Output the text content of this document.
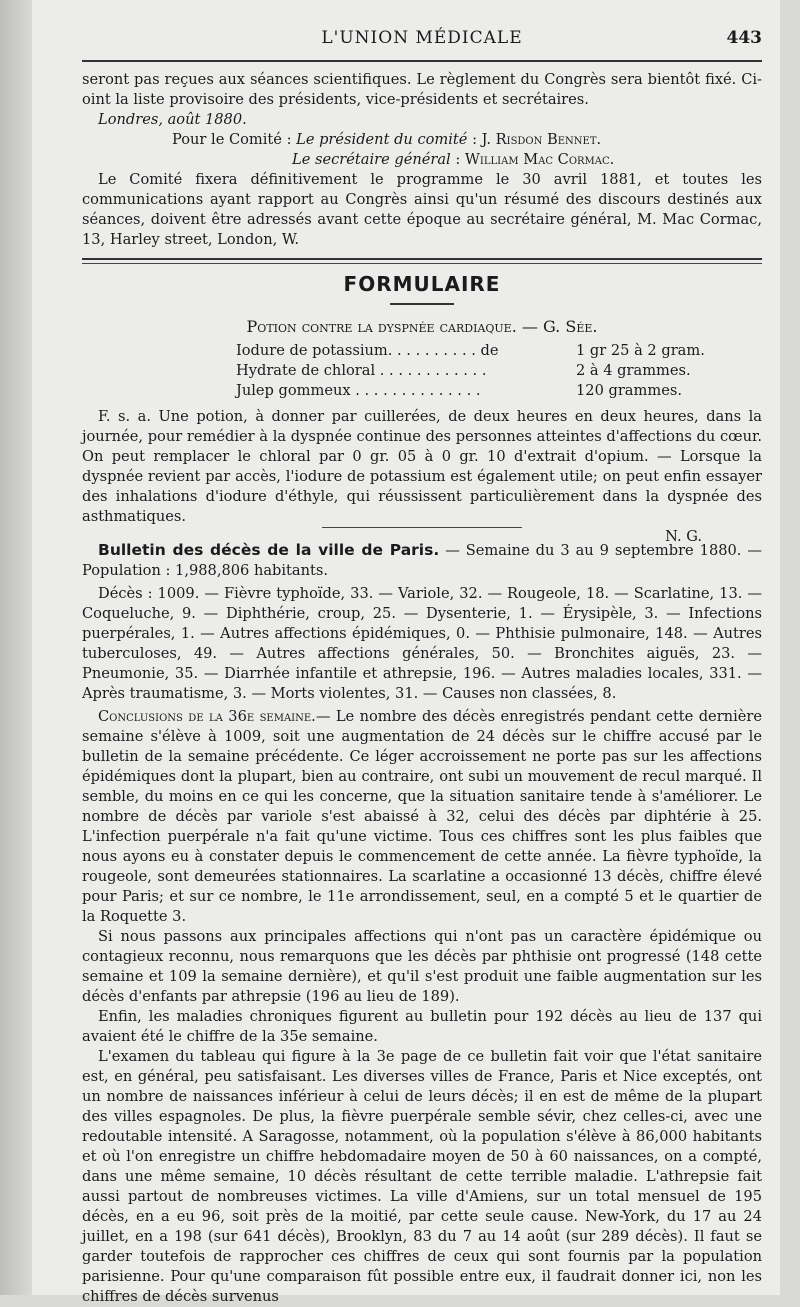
L'UNION MÉDICALE	443

seront pas reçues aux séances scientifiques. Le règlement du Congrès sera bientôt fixé. Ci-oint la liste provisoire des présidents, vice-présidents et secrétaires.

Londres, août 1880.

Pour le Comité : Le président du comité : J. Risdon Bennet.

Le secrétaire général : William Mac Cormac.

Le Comité fixera définitivement le programme le 30 avril 1881, et toutes les communications ayant rapport au Congrès ainsi qu'un résumé des discours destinés aux séances, doivent être adressés avant cette époque au secrétaire général, M. Mac Cormac, 13, Harley street, London, W.

FORMULAIRE

Potion contre la dyspnée cardiaque. — G. Sée.

Iodure de potassium. . . . . . . . . . de	1 gr 25 à 2 gram.
Hydrate de chloral . . . . . . . . . . . .	2 à 4 grammes.
Julep gommeux . . . . . . . . . . . . . .	120 grammes.

F. s. a. Une potion, à donner par cuillerées, de deux heures en deux heures, dans la journée, pour remédier à la dyspnée continue des personnes atteintes d'affections du cœur. On peut remplacer le chloral par 0 gr. 05 à 0 gr. 10 d'extrait d'opium. — Lorsque la dyspnée revient par accès, l'iodure de potassium est également utile; on peut enfin essayer des inhalations d'iodure d'éthyle, qui réussissent particulièrement dans la dyspnée des asthmatiques.

N. G.

Bulletin des décès de la ville de Paris. — Semaine du 3 au 9 septembre 1880. — Population : 1,988,806 habitants.

Décès : 1009. — Fièvre typhoïde, 33. — Variole, 32. — Rougeole, 18. — Scarlatine, 13. — Coqueluche, 9. — Diphthérie, croup, 25. — Dysenterie, 1. — Érysipèle, 3. — Infections puerpérales, 1. — Autres affections épidémiques, 0. — Phthisie pulmonaire, 148. — Autres tuberculoses, 49. — Autres affections générales, 50. — Bronchites aiguës, 23. — Pneumonie, 35. — Diarrhée infantile et athrepsie, 196. — Autres maladies locales, 331. — Après traumatisme, 3. — Morts violentes, 31. — Causes non classées, 8.

Conclusions de la 36e semaine.— Le nombre des décès enregistrés pendant cette dernière semaine s'élève à 1009, soit une augmentation de 24 décès sur le chiffre accusé par le bulletin de la semaine précédente. Ce léger accroissement ne porte pas sur les affections épidémiques dont la plupart, bien au contraire, ont subi un mouvement de recul marqué. Il semble, du moins en ce qui les concerne, que la situation sanitaire tende à s'améliorer. Le nombre de décès par variole s'est abaissé à 32, celui des décès par diphtérie à 25. L'infection puerpérale n'a fait qu'une victime. Tous ces chiffres sont les plus faibles que nous ayons eu à constater depuis le commencement de cette année. La fièvre typhoïde, la rougeole, sont demeurées stationnaires. La scarlatine a occasionné 13 décès, chiffre élevé pour Paris; et sur ce nombre, le 11e arrondissement, seul, en a compté 5 et le quartier de la Roquette 3.

Si nous passons aux principales affections qui n'ont pas un caractère épidémique ou contagieux reconnu, nous remarquons que les décès par phthisie ont progressé (148 cette semaine et 109 la semaine dernière), et qu'il s'est produit une faible augmentation sur les décès d'enfants par athrepsie (196 au lieu de 189).

Enfin, les maladies chroniques figurent au bulletin pour 192 décès au lieu de 137 qui avaient été le chiffre de la 35e semaine.

L'examen du tableau qui figure à la 3e page de ce bulletin fait voir que l'état sanitaire est, en général, peu satisfaisant. Les diverses villes de France, Paris et Nice exceptés, ont un nombre de naissances inférieur à celui de leurs décès; il en est de même de la plupart des villes espagnoles. De plus, la fièvre puerpérale semble sévir, chez celles-ci, avec une redoutable intensité. A Saragosse, notamment, où la population s'élève à 86,000 habitants et où l'on enregistre un chiffre hebdomadaire moyen de 50 à 60 naissances, on a compté, dans une même semaine, 10 décès résultant de cette terrible maladie. L'athrepsie fait aussi partout de nombreuses victimes. La ville d'Amiens, sur un total mensuel de 195 décès, en a eu 96, soit près de la moitié, par cette seule cause. New-York, du 17 au 24 juillet, en a 198 (sur 641 décès), Brooklyn, 83 du 7 au 14 août (sur 289 décès). Il faut se garder toutefois de rapprocher ces chiffres de ceux qui sont fournis par la population parisienne. Pour qu'une comparaison fût possible entre eux, il faudrait donner ici, non les chiffres de décès survenus
